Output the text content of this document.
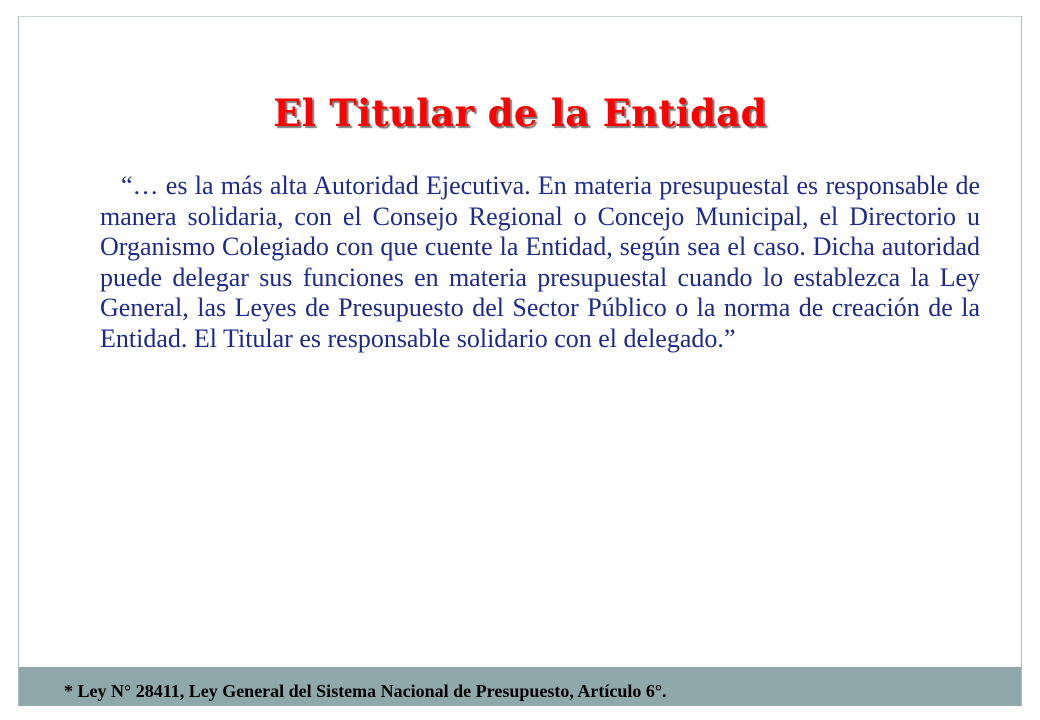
El Titular de la Entidad

“… es la más alta Autoridad Ejecutiva. En materia presupuestal es responsable de manera solidaria, con el Consejo Regional o Concejo Municipal, el Directorio u Organismo Colegiado con que cuente la Entidad, según sea el caso. Dicha autoridad puede delegar sus funciones en materia presupuestal cuando lo establezca la Ley General, las Leyes de Presupuesto del Sector Público o la norma de creación de la Entidad. El Titular es responsable solidario con el delegado.”

* Ley N° 28411, Ley General del Sistema Nacional de Presupuesto, Artículo 6°.
